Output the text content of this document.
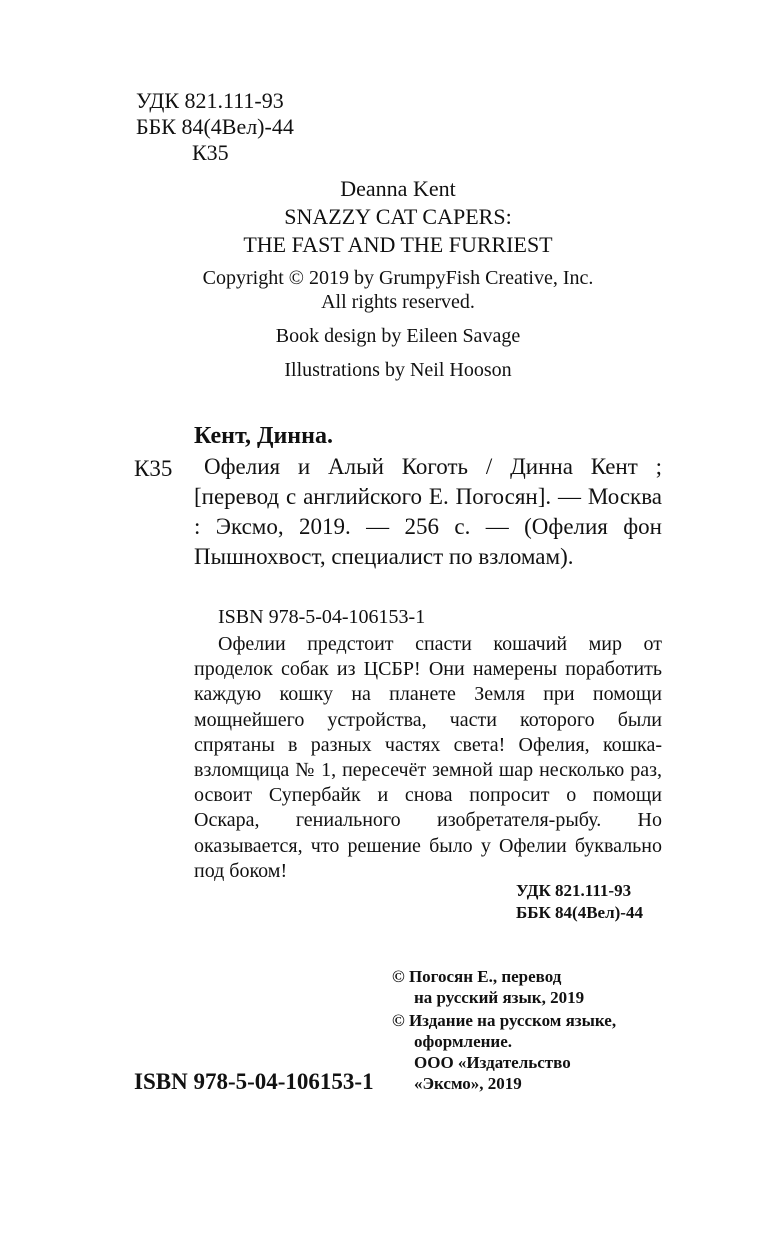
УДК 821.111-93
ББК 84(4Вел)-44
К35
Deanna Kent
SNAZZY CAT CAPERS:
THE FAST AND THE FURRIEST
Copyright © 2019 by GrumpyFish Creative, Inc.
All rights reserved.
Book design by Eileen Savage
Illustrations by Neil Hooson
Кент, Динна.
К35	Офелия и Алый Коготь / Динна Кент ; [перевод с английского Е. Погосян]. — Москва : Эксмо, 2019. — 256 с. — (Офелия фон Пышнохвост, специалист по взломам).
ISBN 978-5-04-106153-1
Офелии предстоит спасти кошачий мир от проделок собак из ЦСБР! Они намерены поработить каждую кошку на планете Земля при помощи мощнейшего устройства, части которого были спрятаны в разных частях света! Офелия, кошка-взломщица № 1, пересечёт земной шар несколько раз, освоит Супербайк и снова попросит о помощи Оскара, гениального изобретателя-рыбу. Но оказывается, что решение было у Офелии буквально под боком!
УДК 821.111-93
ББК 84(4Вел)-44
© Погосян Е., перевод
на русский язык, 2019
© Издание на русском языке,
оформление.
ООО «Издательство
«Эксмо», 2019
ISBN 978-5-04-106153-1
